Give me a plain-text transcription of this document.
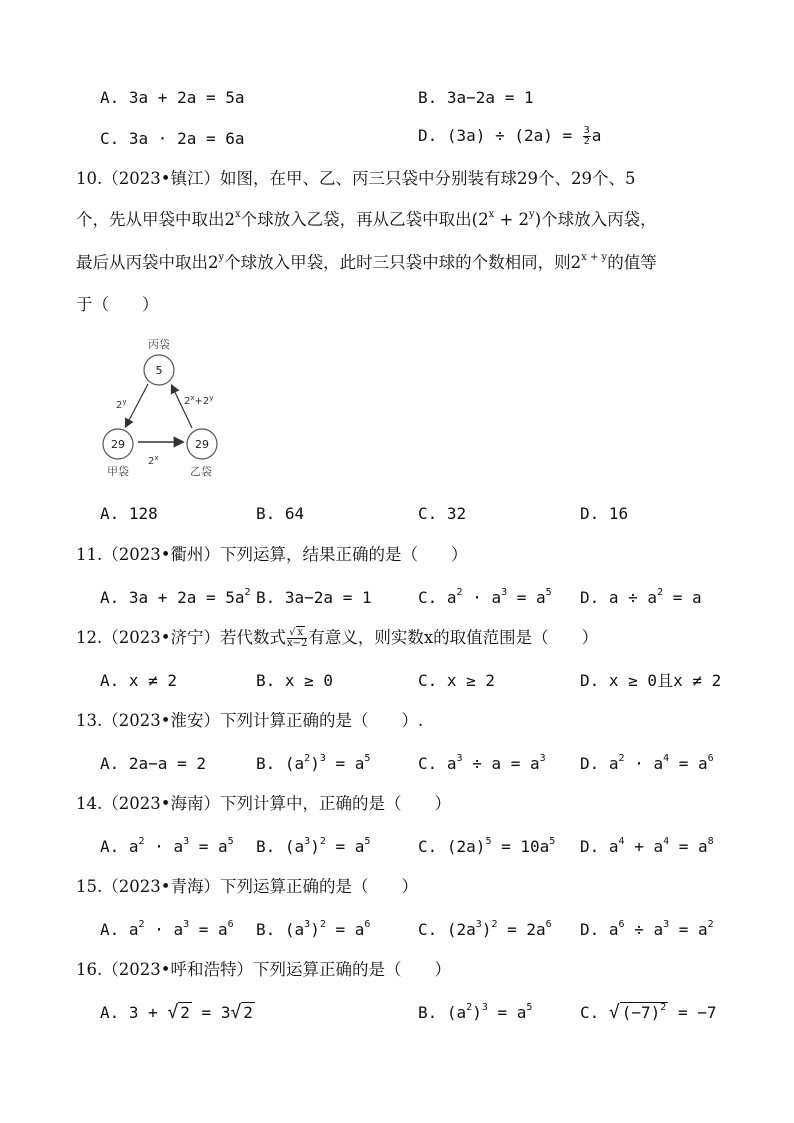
A. 3a + 2a = 5a	B. 3a−2a = 1
C. 3a · 2a = 6a	D. $(3a) \div (2a) = \frac{3}{2}$ a
10.（2023•镇江）如图，在甲、乙、丙三只袋中分别装有球29个、29个、5
个，先从甲袋中取出2$^x$个球放入乙袋，再从乙袋中取出$(2^x + 2^y)$个球放入丙袋，
最后从丙袋中取出2$^y$个球放入甲袋，此时三只袋中球的个数相同，则$2^{x + y}$的值等
于（　　）
丙袋
5
29
甲袋
29
乙袋
2$^y$	$2^x+2^y$
2$^x$
A. 128	B. 64	C. 32	D. 16
11.（2023•衢州）下列运算，结果正确的是（　　）
A. $3a + 2a = 5a^2$ B. 3a−2a = 1	C. $a^2 \cdot a^3 = a^5$ D. $a \div a^2 = a$
12.（2023•济宁）若代数式 $\frac{√ x}{x-2}$ 有意义，则实数x的取值范围是（　　）
A. x ≠ 2	B. x ≥ 0	C. x ≥ 2	D. x ≥ 0且x ≠ 2
13.（2023•淮安）下列计算正确的是（　　）.
A. 2a−a = 2	B. $(a^2)^3 = a^5$	C. $a^3 \div a = a^3$ D. $a^2 \cdot a^4 = a^6$
14.（2023•海南）下列计算中，正确的是（　　）
A. $a^2 \cdot a^3 = a^5$ B. $(a^3)^2 = a^5$	C. $(2a)^5 = 10a^5$ D. $a^4 + a^4 = a^8$
15.（2023•青海）下列运算正确的是（　　）
A. $a^2 \cdot a^3 = a^6$ B. $(a^3)^2 = a^6$	C. $(2a^3)^2 = 2a^6$ D. $a^6 \div a^3 = a^2$
16.（2023•呼和浩特）下列运算正确的是（　　）
A. 3 + √ 2 = 3√ 2	B. $(a^2)^3 = a^5$	C. √ $(-7)^2 = -7$
